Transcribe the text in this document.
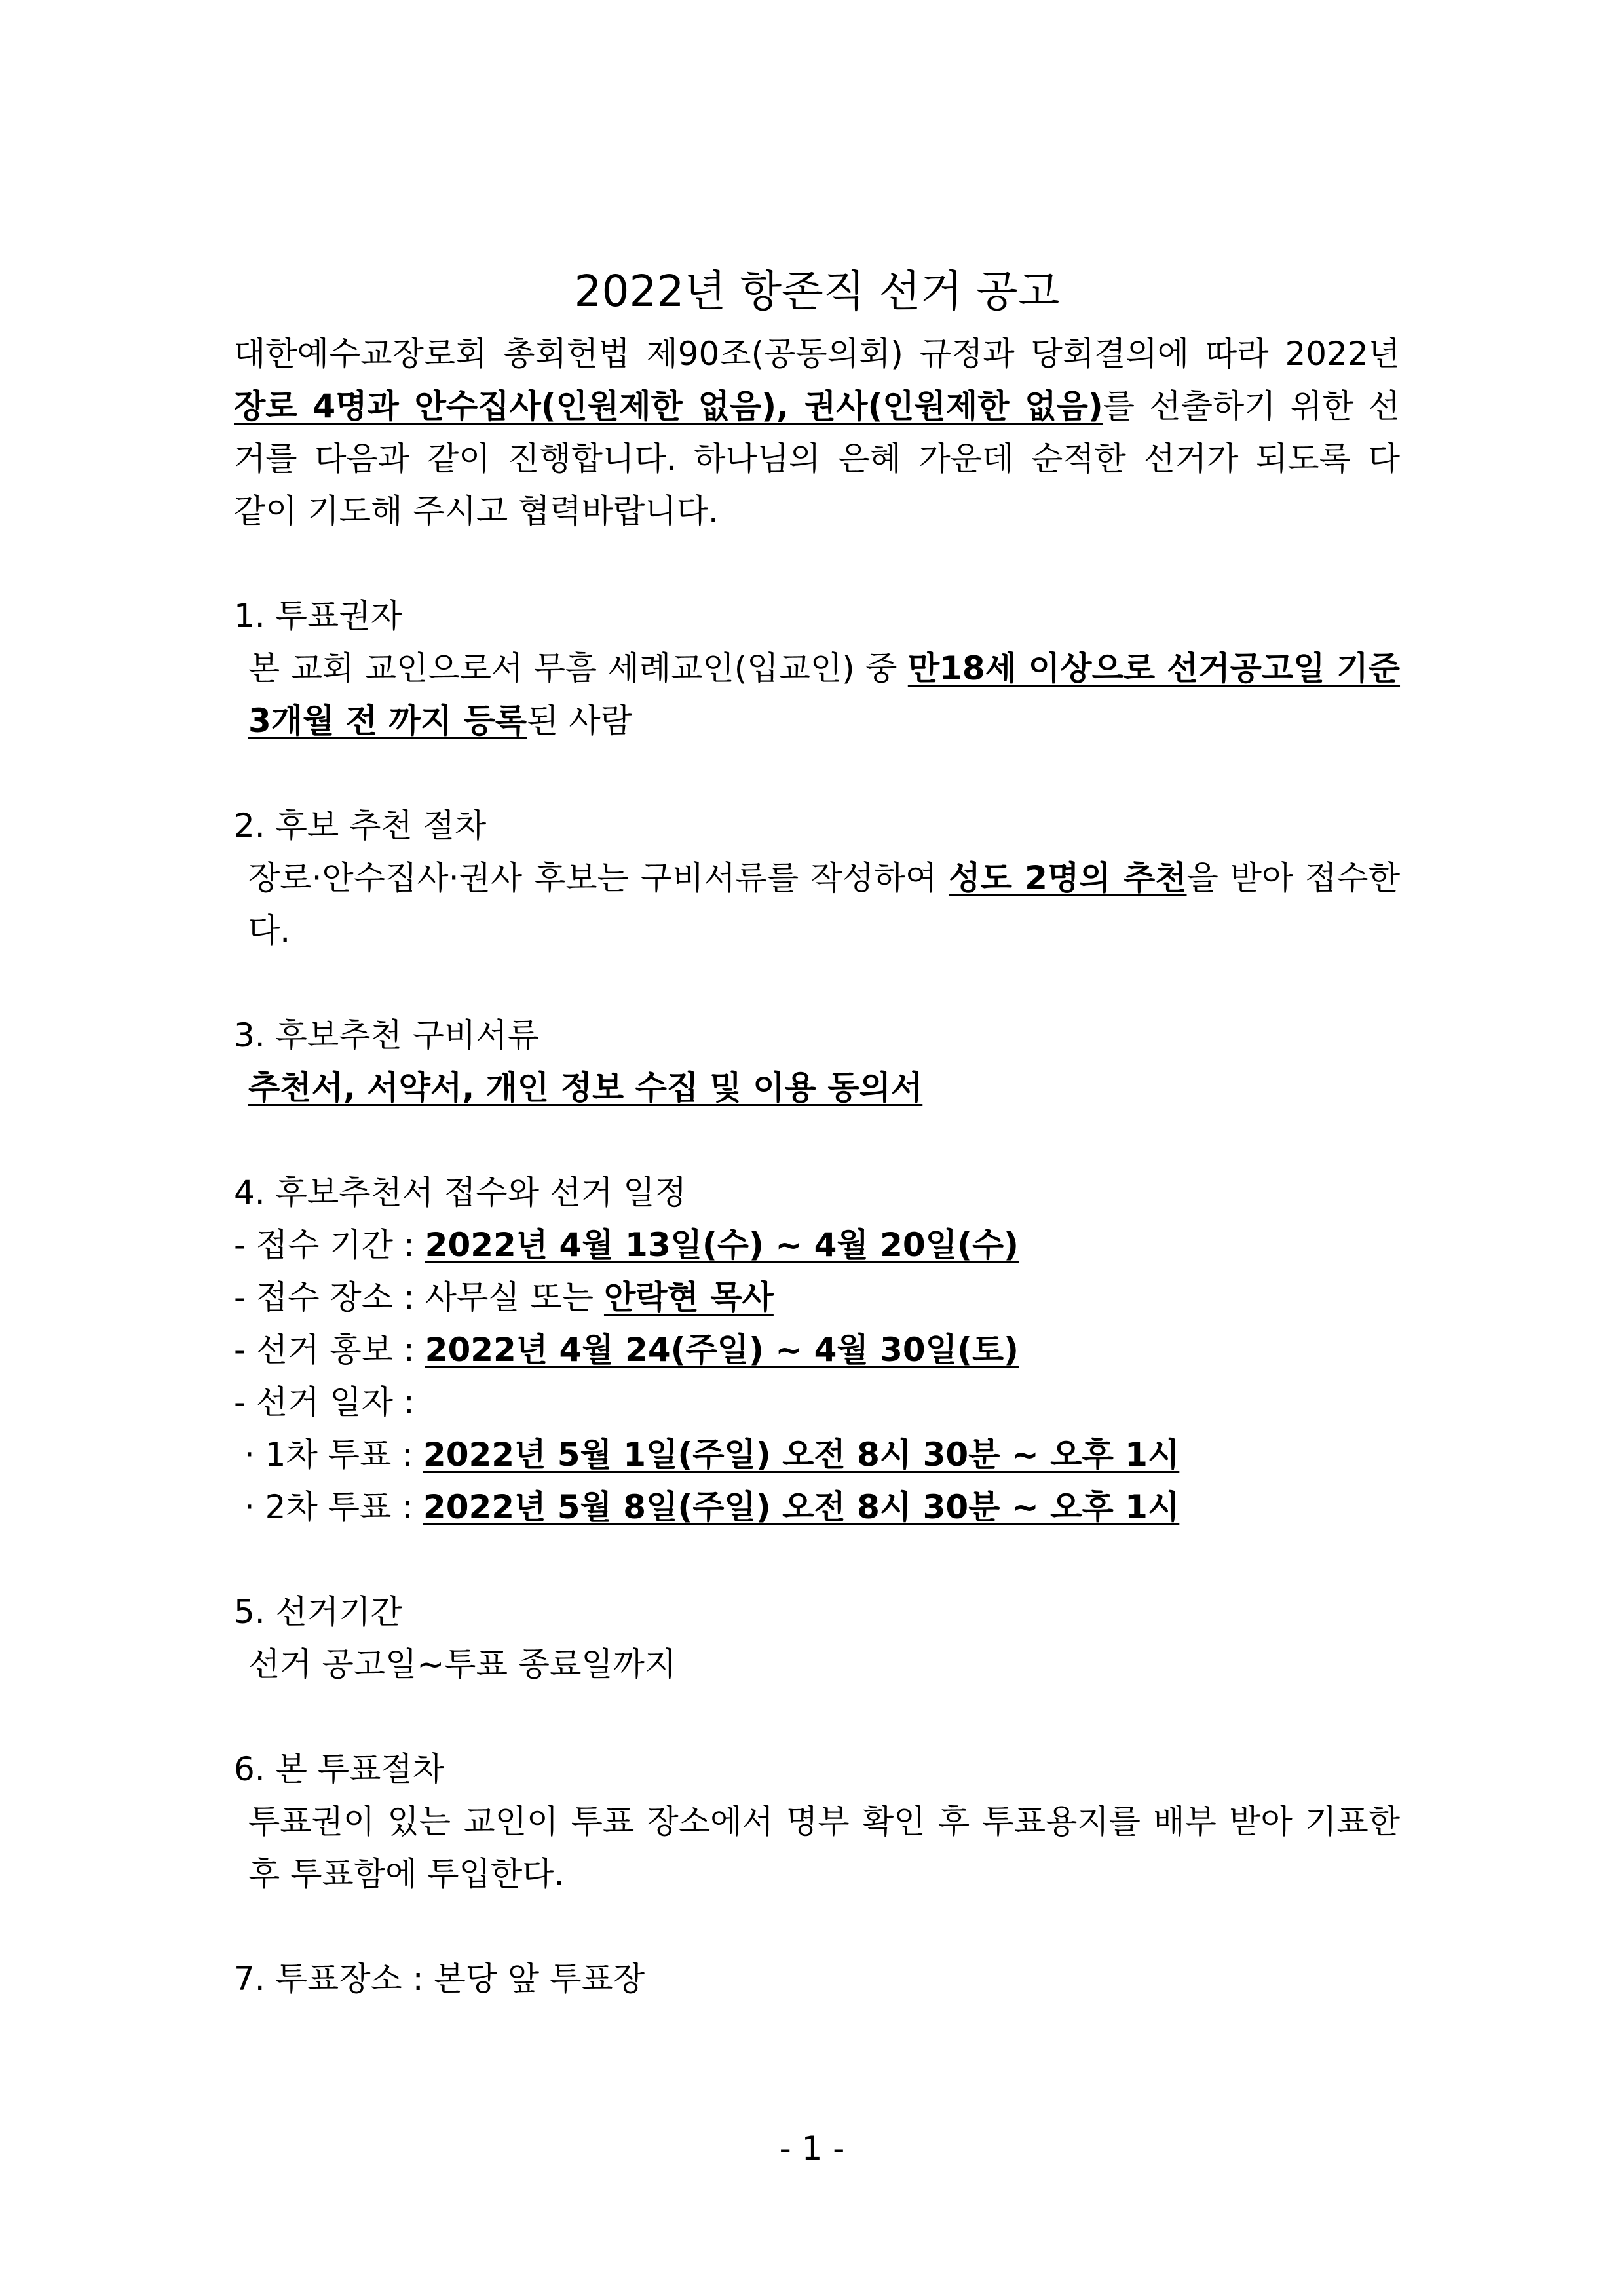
2022년 항존직 선거 공고
대한예수교장로회 총회헌법 제90조(공동의회) 규정과 당회결의에 따라 2022년
장로 4명과 안수집사(인원제한 없음), 권사(인원제한 없음)를 선출하기 위한 선
거를 다음과 같이 진행합니다. 하나님의 은혜 가운데 순적한 선거가 되도록 다
같이 기도해 주시고 협력바랍니다.

1. 투표권자

본 교회 교인으로서 무흠 세례교인(입교인) 중 만18세 이상으로 선거공고일 기준 3개월 전 까지 등록된 사람

2. 후보 추천 절차

장로·안수집사·권사 후보는 구비서류를 작성하여 성도 2명의 추천을 받아 접수한다.

3. 후보추천 구비서류

추천서, 서약서, 개인 정보 수집 및 이용 동의서

4. 후보추천서 접수와 선거 일정

- 접수 기간 : 2022년 4월 13일(수) ~ 4월 20일(수)
- 접수 장소 : 사무실 또는 안락현 목사
- 선거 홍보 : 2022년 4월 24(주일) ~ 4월 30일(토)
- 선거 일자 :
· 1차 투표 : 2022년 5월 1일(주일) 오전 8시 30분 ~ 오후 1시
· 2차 투표 : 2022년 5월 8일(주일) 오전 8시 30분 ~ 오후 1시

5. 선거기간

선거 공고일~투표 종료일까지

6. 본 투표절차

투표권이 있는 교인이 투표 장소에서 명부 확인 후 투표용지를 배부 받아 기표한 후 투표함에 투입한다.

7. 투표장소 : 본당 앞 투표장

- 1 -
